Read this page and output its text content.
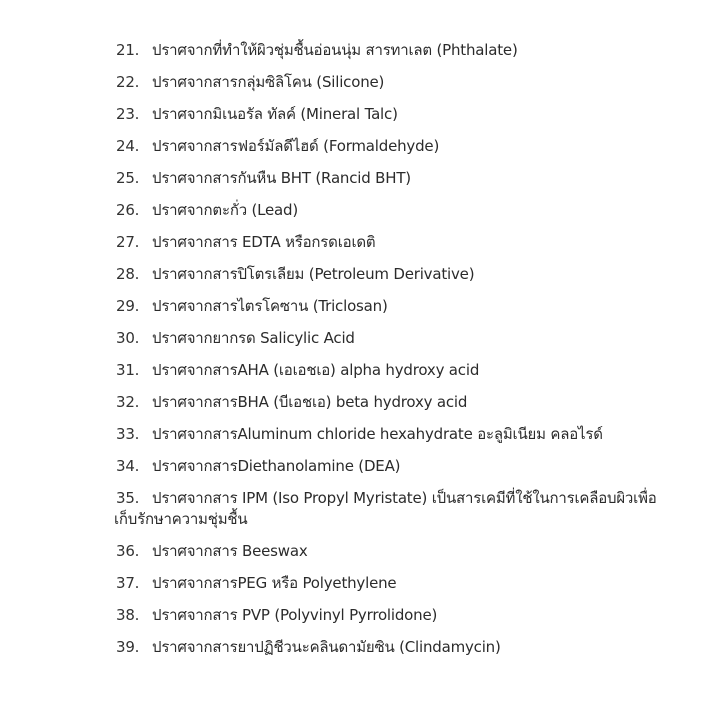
21. ปราศจากที่ทำให้ผิวชุ่มชื้นอ่อนนุ่ม สารทาเลต (Phthalate)
22. ปราศจากสารกลุ่มซิลิโคน (Silicone)
23. ปราศจากมิเนอรัล ทัลค์ (Mineral Talc)
24. ปราศจากสารฟอร์มัลดีไฮด์ (Formaldehyde)
25. ปราศจากสารกันหืน BHT (Rancid BHT)
26. ปราศจากตะกั่ว (Lead)
27. ปราศจากสาร EDTA หรือกรดเอเดติ
28. ปราศจากสารปิโตรเลียม (Petroleum Derivative)
29. ปราศจากสารไตรโคซาน (Triclosan)
30. ปราศจากยากรด Salicylic Acid
31. ปราศจากสารAHA (เอเอชเอ) alpha hydroxy acid
32. ปราศจากสารBHA (บีเอชเอ) beta hydroxy acid
33. ปราศจากสารAluminum chloride hexahydrate อะลูมิเนียม คลอไรด์
34. ปราศจากสารDiethanolamine (DEA)
35. ปราศจากสาร IPM (Iso Propyl Myristate) เป็นสารเคมีที่ใช้ในการเคลือบผิวเพื่อ
เก็บรักษาความชุ่มชื้น
36. ปราศจากสาร Beeswax
37. ปราศจากสารPEG หรือ Polyethylene
38. ปราศจากสาร PVP (Polyvinyl Pyrrolidone)
39. ปราศจากสารยาปฏิชีวนะคลินดามัยซิน (Clindamycin)
